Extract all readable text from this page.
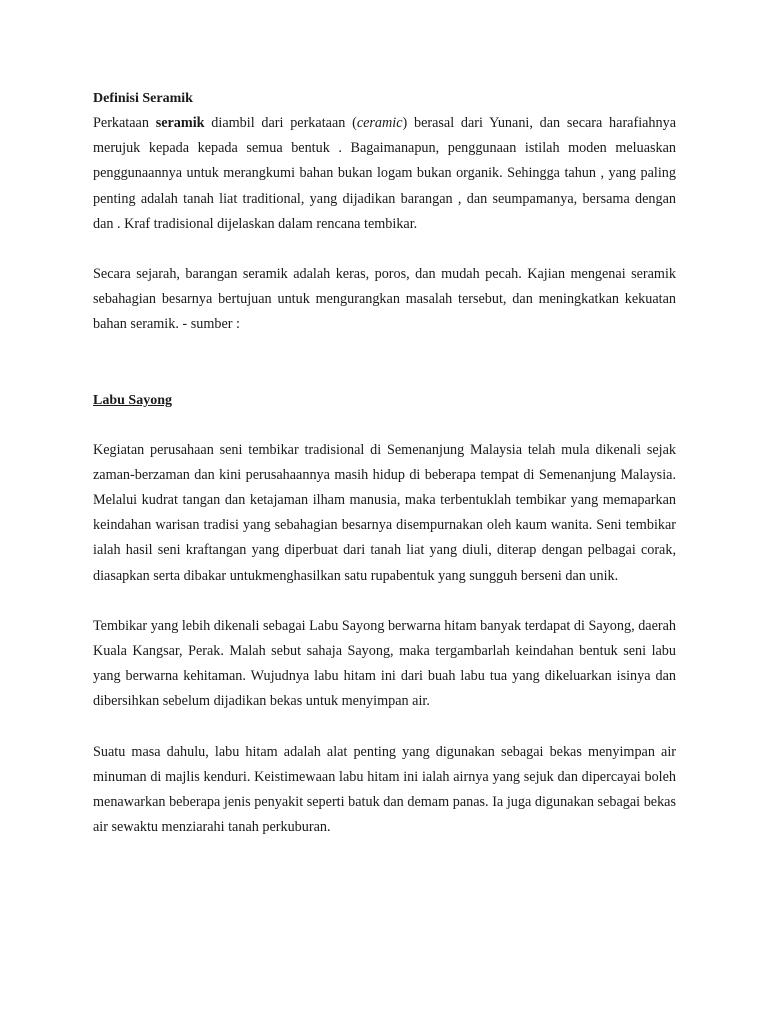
Definisi Seramik

Perkataan seramik diambil dari perkataan (ceramic) berasal dari Yunani, dan secara harafiahnya merujuk kepada kepada semua bentuk . Bagaimanapun, penggunaan istilah moden meluaskan penggunaannya untuk merangkumi bahan bukan logam bukan organik. Sehingga tahun , yang paling penting adalah tanah liat traditional, yang dijadikan barangan , dan seumpamanya, bersama dengan dan . Kraf tradisional dijelaskan dalam rencana tembikar.

Secara sejarah, barangan seramik adalah keras, poros, dan mudah pecah. Kajian mengenai seramik sebahagian besarnya bertujuan untuk mengurangkan masalah tersebut, dan meningkatkan kekuatan bahan seramik. - sumber :

Labu Sayong

Kegiatan perusahaan seni tembikar tradisional di Semenanjung Malaysia telah mula dikenali sejak zaman-berzaman dan kini perusahaannya masih hidup di beberapa tempat di Semenanjung Malaysia. Melalui kudrat tangan dan ketajaman ilham manusia, maka terbentuklah tembikar yang memaparkan keindahan warisan tradisi yang sebahagian besarnya disempurnakan oleh kaum wanita. Seni tembikar ialah hasil seni kraftangan yang diperbuat dari tanah liat yang diuli, diterap dengan pelbagai corak, diasapkan serta dibakar untukmenghasilkan satu rupabentuk yang sungguh berseni dan unik.

Tembikar yang lebih dikenali sebagai Labu Sayong berwarna hitam banyak terdapat di Sayong, daerah Kuala Kangsar, Perak. Malah sebut sahaja Sayong, maka tergambarlah keindahan bentuk seni labu yang berwarna kehitaman. Wujudnya labu hitam ini dari buah labu tua yang dikeluarkan isinya dan dibersihkan sebelum dijadikan bekas untuk menyimpan air.

Suatu masa dahulu, labu hitam adalah alat penting yang digunakan sebagai bekas menyimpan air minuman di majlis kenduri. Keistimewaan labu hitam ini ialah airnya yang sejuk dan dipercayai boleh menawarkan beberapa jenis penyakit seperti batuk dan demam panas. Ia juga digunakan sebagai bekas air sewaktu menziarahi tanah perkuburan.
